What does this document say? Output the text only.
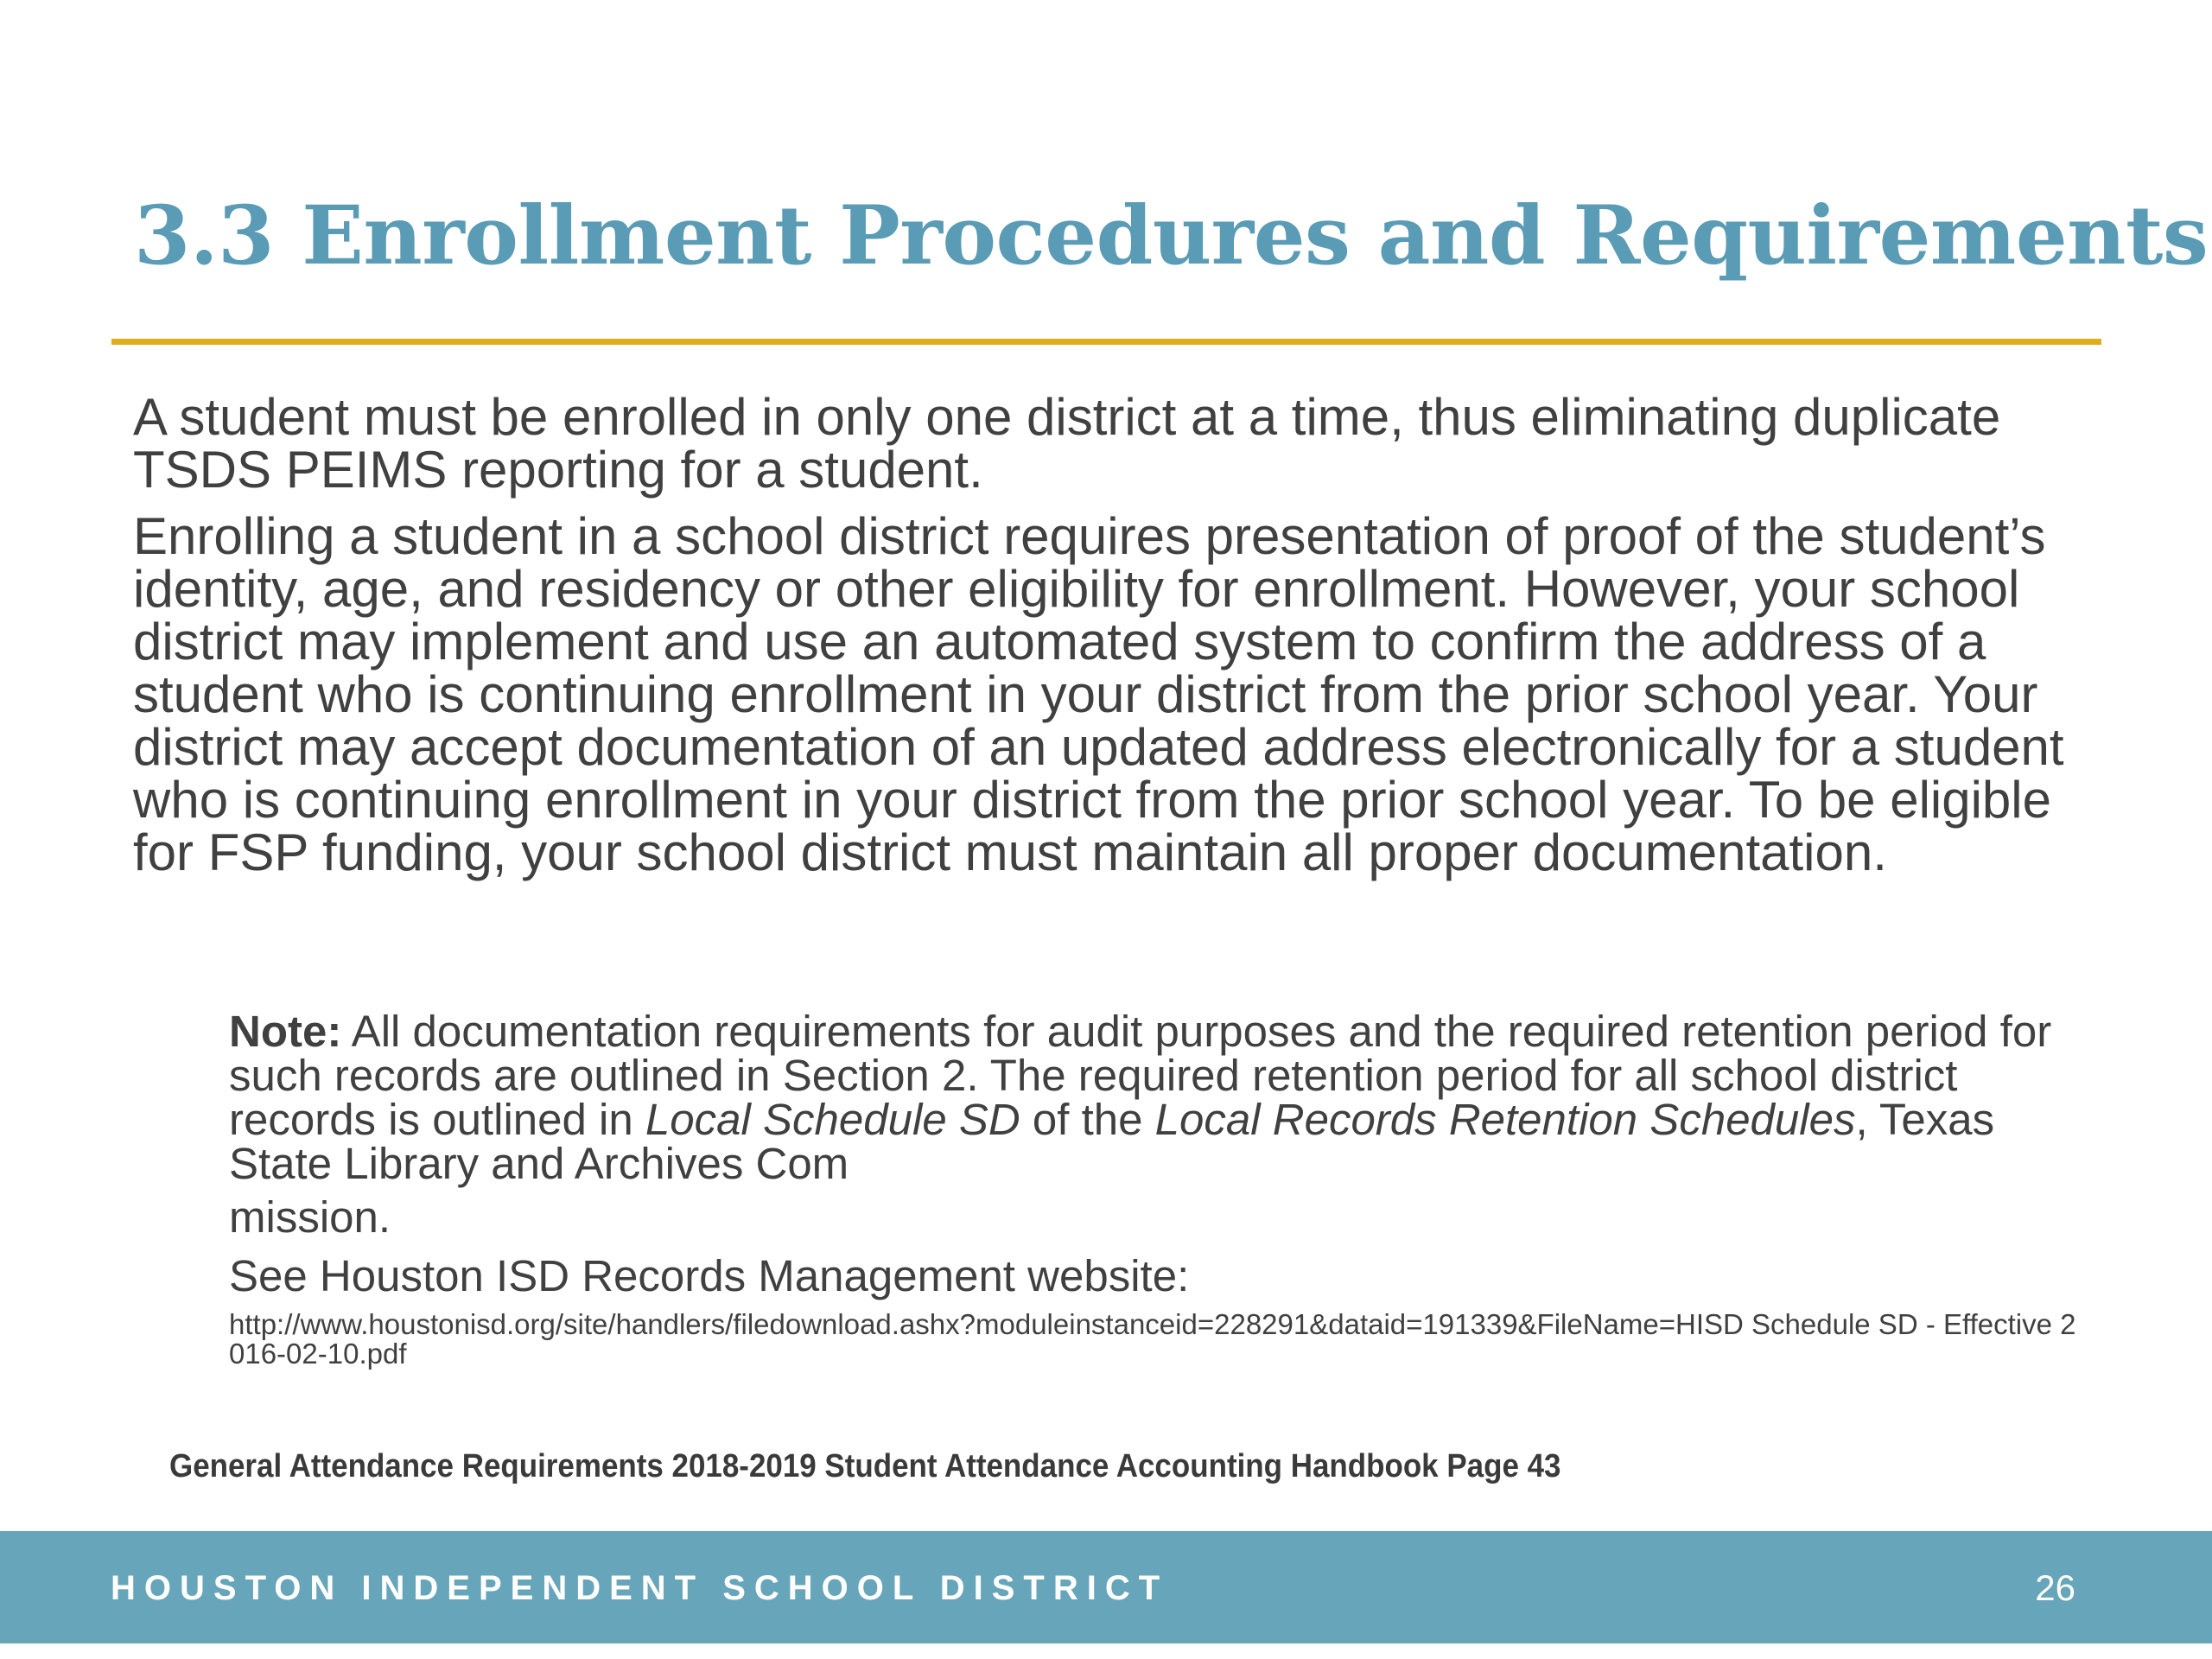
3.3 Enrollment Procedures and Requirements

A student must be enrolled in only one district at a time, thus eliminating duplicate TSDS PEIMS reporting for a student.

Enrolling a student in a school district requires presentation of proof of the student’s identity, age, and residency or other eligibility for enrollment. However, your school district may implement and use an automated system to confirm the address of a student who is continuing enrollment in your district from the prior school year. Your district may accept documentation of an updated address electronically for a student who is continuing enrollment in your district from the prior school year. To be eligible for FSP funding, your school district must maintain all proper documentation.

Note: All documentation requirements for audit purposes and the required retention period for such records are outlined in Section 2. The required retention period for all school district records is outlined in Local Schedule SD of the Local Records Retention Schedules, Texas State Library and Archives Com

mission.

See Houston ISD Records Management website:

http://www.houstonisd.org/site/handlers/filedownload.ashx?moduleinstanceid=228291&dataid=191339&FileName=HISD Schedule SD - Effective 2016-02-10.pdf

General Attendance Requirements 2018-2019 Student Attendance Accounting Handbook Page 43

HOUSTON INDEPENDENT SCHOOL DISTRICT	26
